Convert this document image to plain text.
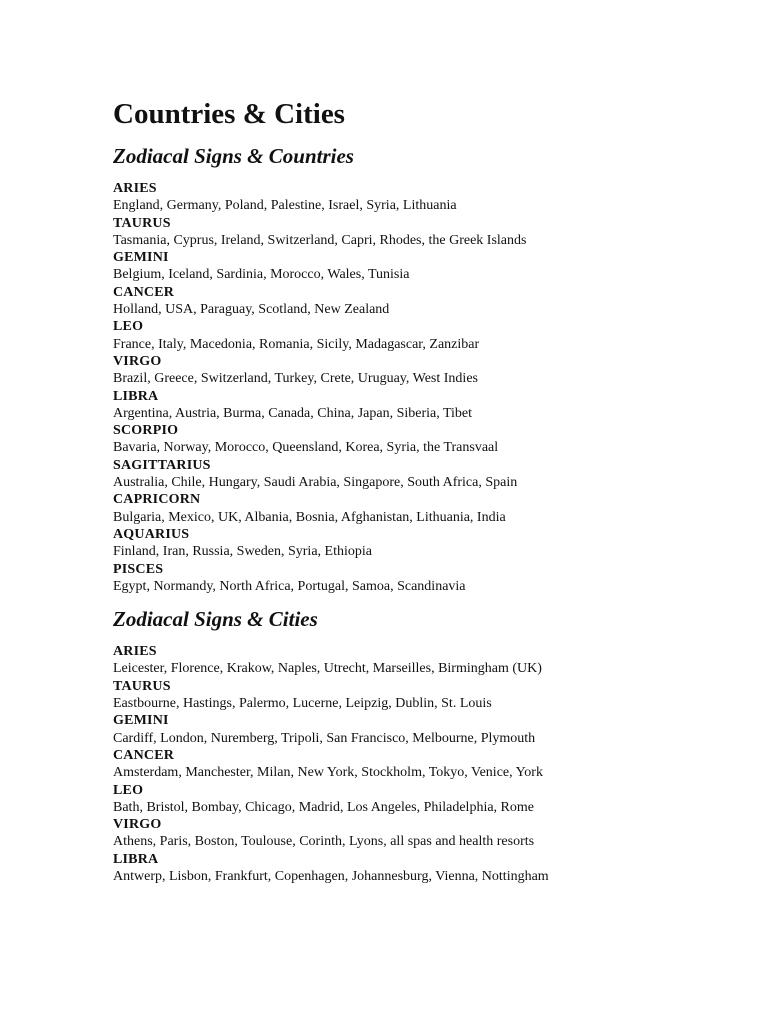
Countries & Cities
Zodiacal Signs & Countries
ARIES
England, Germany, Poland, Palestine, Israel, Syria, Lithuania
TAURUS
Tasmania, Cyprus, Ireland, Switzerland, Capri, Rhodes, the Greek Islands
GEMINI
Belgium, Iceland, Sardinia, Morocco, Wales, Tunisia
CANCER
Holland, USA, Paraguay, Scotland, New Zealand
LEO
France, Italy, Macedonia, Romania, Sicily, Madagascar, Zanzibar
VIRGO
Brazil, Greece, Switzerland, Turkey, Crete, Uruguay, West Indies
LIBRA
Argentina, Austria, Burma, Canada, China, Japan, Siberia, Tibet
SCORPIO
Bavaria, Norway, Morocco, Queensland, Korea, Syria, the Transvaal
SAGITTARIUS
Australia, Chile, Hungary, Saudi Arabia, Singapore, South Africa, Spain
CAPRICORN
Bulgaria, Mexico, UK, Albania, Bosnia, Afghanistan, Lithuania, India
AQUARIUS
Finland, Iran, Russia, Sweden, Syria, Ethiopia
PISCES
Egypt, Normandy, North Africa, Portugal, Samoa, Scandinavia
Zodiacal Signs & Cities
ARIES
Leicester, Florence, Krakow, Naples, Utrecht, Marseilles, Birmingham (UK)
TAURUS
Eastbourne, Hastings, Palermo, Lucerne, Leipzig, Dublin, St. Louis
GEMINI
Cardiff, London, Nuremberg, Tripoli, San Francisco, Melbourne, Plymouth
CANCER
Amsterdam, Manchester, Milan, New York, Stockholm, Tokyo, Venice, York
LEO
Bath, Bristol, Bombay, Chicago, Madrid, Los Angeles, Philadelphia, Rome
VIRGO
Athens, Paris, Boston, Toulouse, Corinth, Lyons, all spas and health resorts
LIBRA
Antwerp, Lisbon, Frankfurt, Copenhagen, Johannesburg, Vienna, Nottingham
